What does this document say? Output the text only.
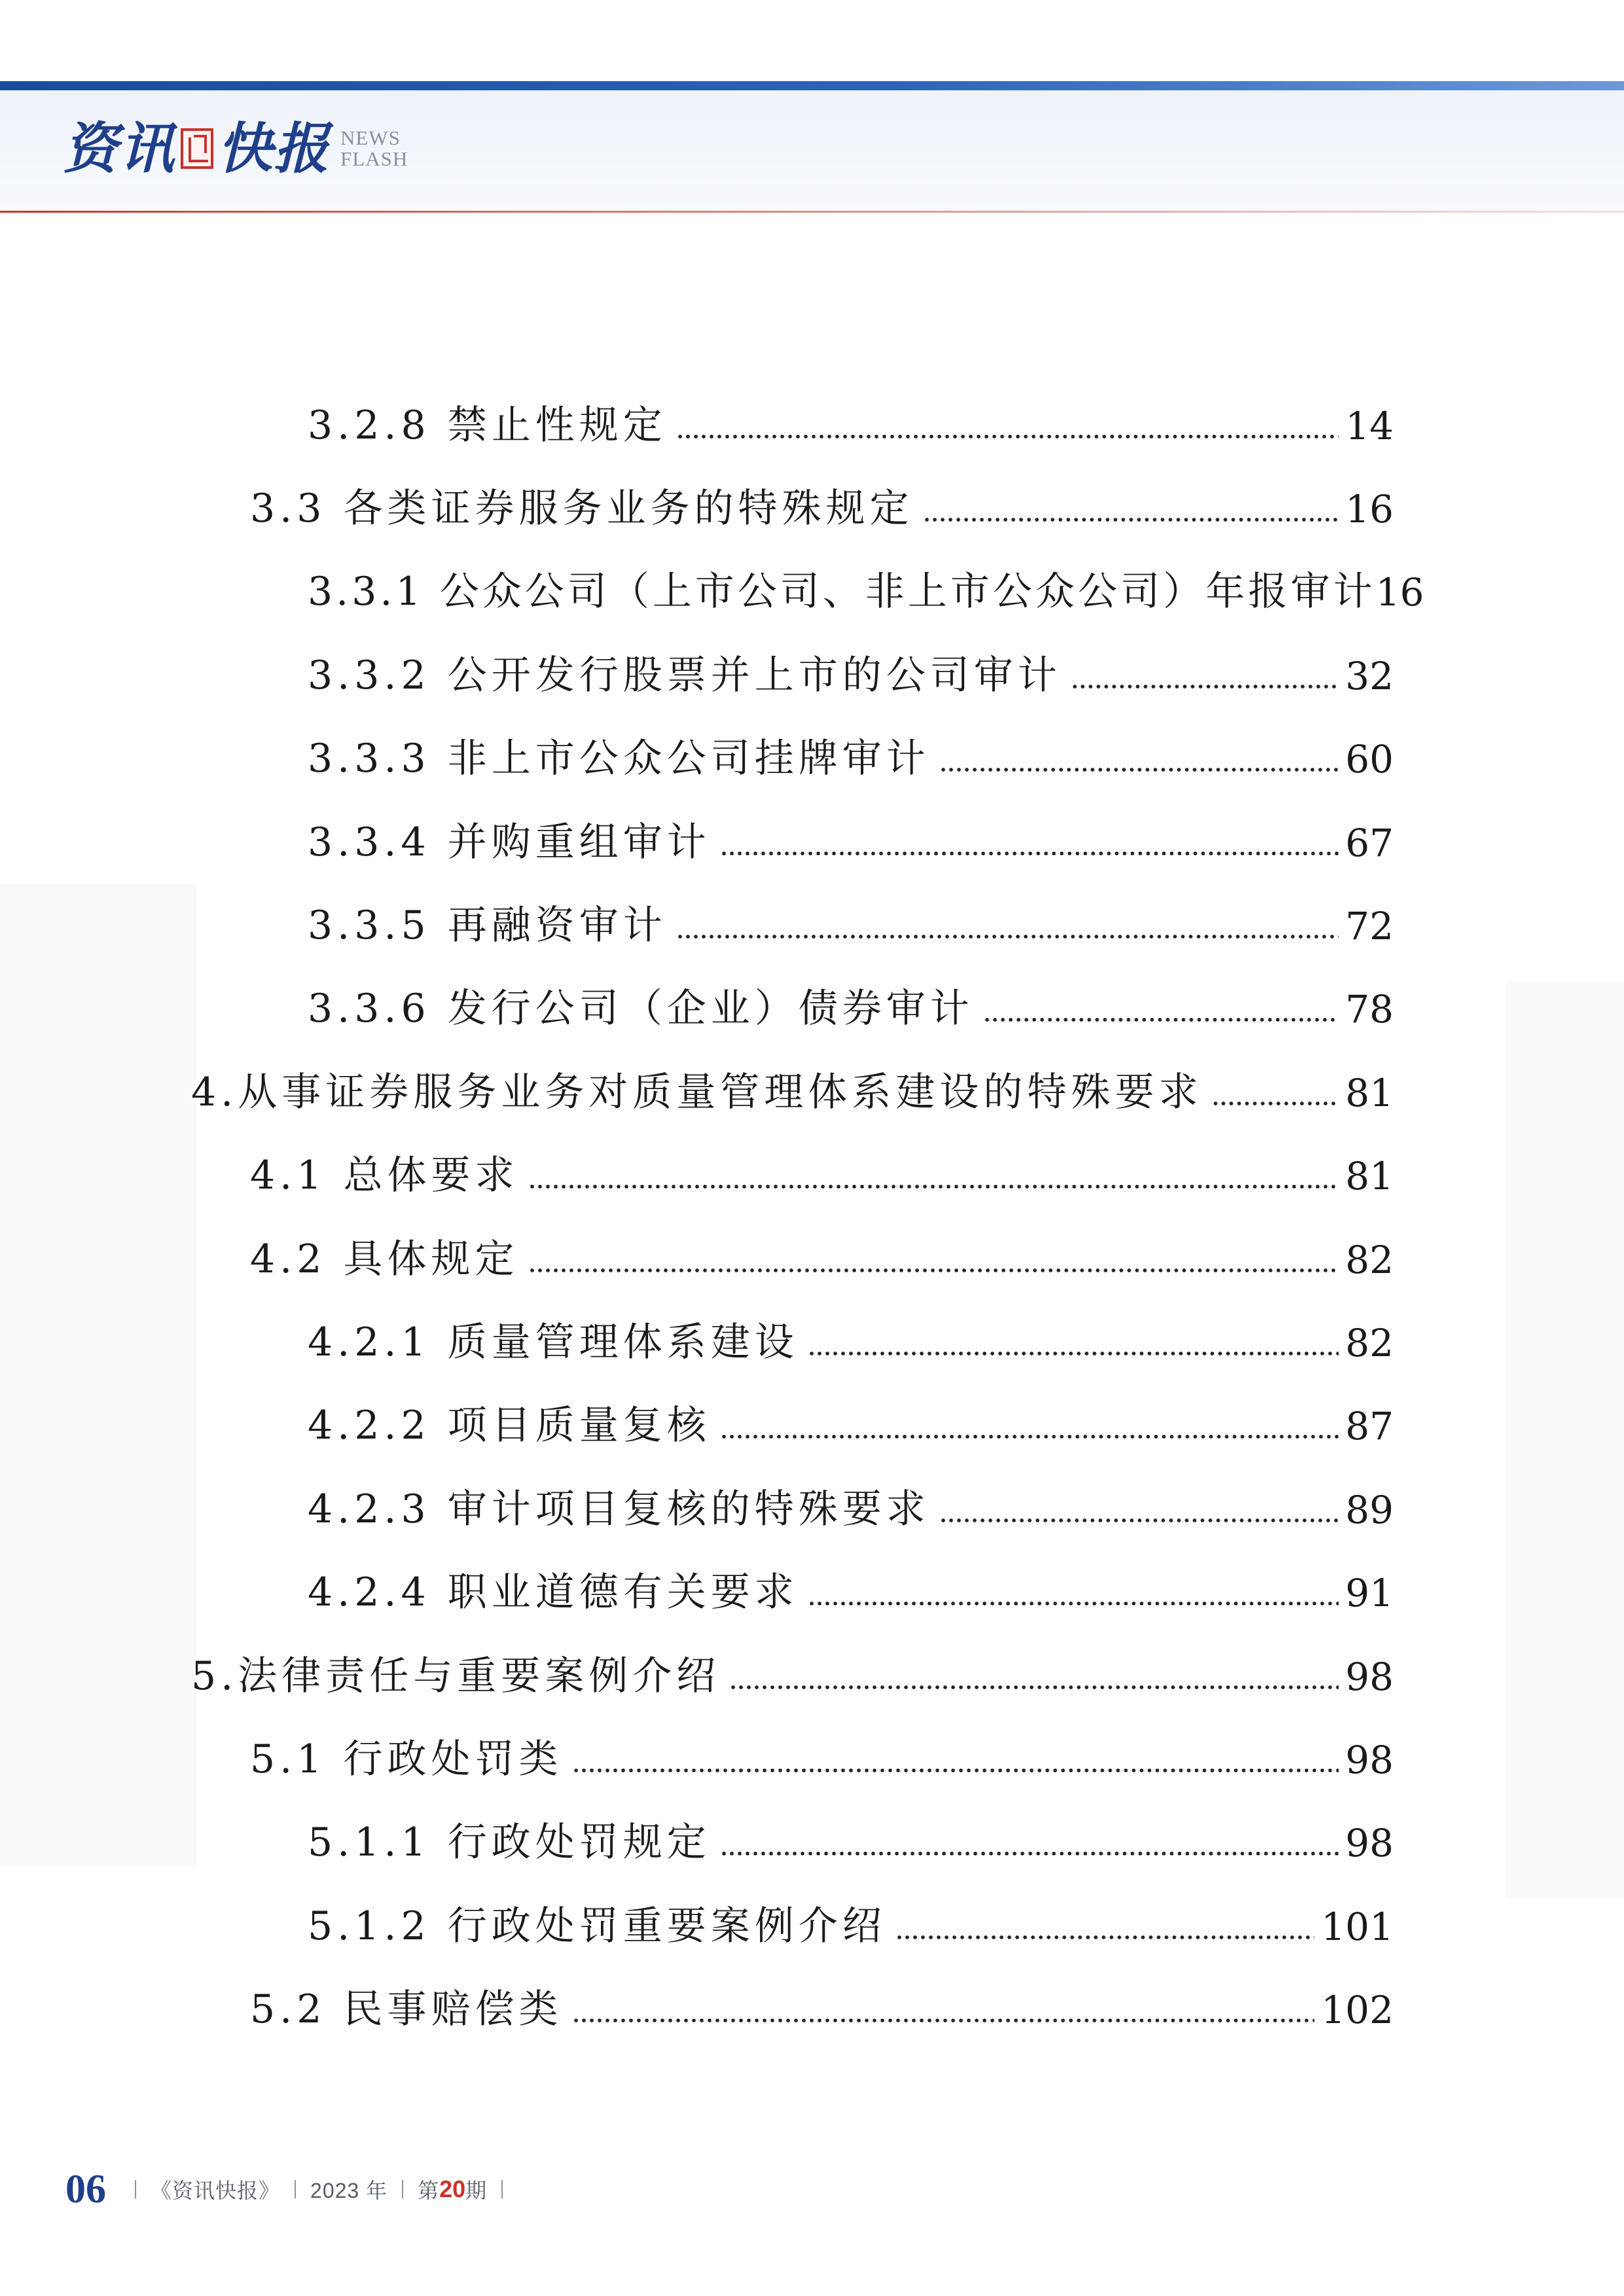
资讯 快报 NEWS
FLASH
3.2.8 禁止性规定	14
3.3 各类证券服务业务的特殊规定	16
3.3.1 公众公司（上市公司、非上市公众公司）年报审计 16
3.3.2 公开发行股票并上市的公司审计	32
3.3.3 非上市公众公司挂牌审计	60
3.3.4 并购重组审计	67
3.3.5 再融资审计	72
3.3.6 发行公司（企业）债券审计	78
4.从事证券服务业务对质量管理体系建设的特殊要求	81
4.1 总体要求	81
4.2 具体规定	82
4.2.1 质量管理体系建设	82
4.2.2 项目质量复核	87
4.2.3 审计项目复核的特殊要求	89
4.2.4 职业道德有关要求	91
5.法律责任与重要案例介绍	98
5.1 行政处罚类	98
5.1.1 行政处罚规定	98
5.1.2 行政处罚重要案例介绍	101
5.2 民事赔偿类	102
06 《资讯快报》 2023 年 第 20 期
